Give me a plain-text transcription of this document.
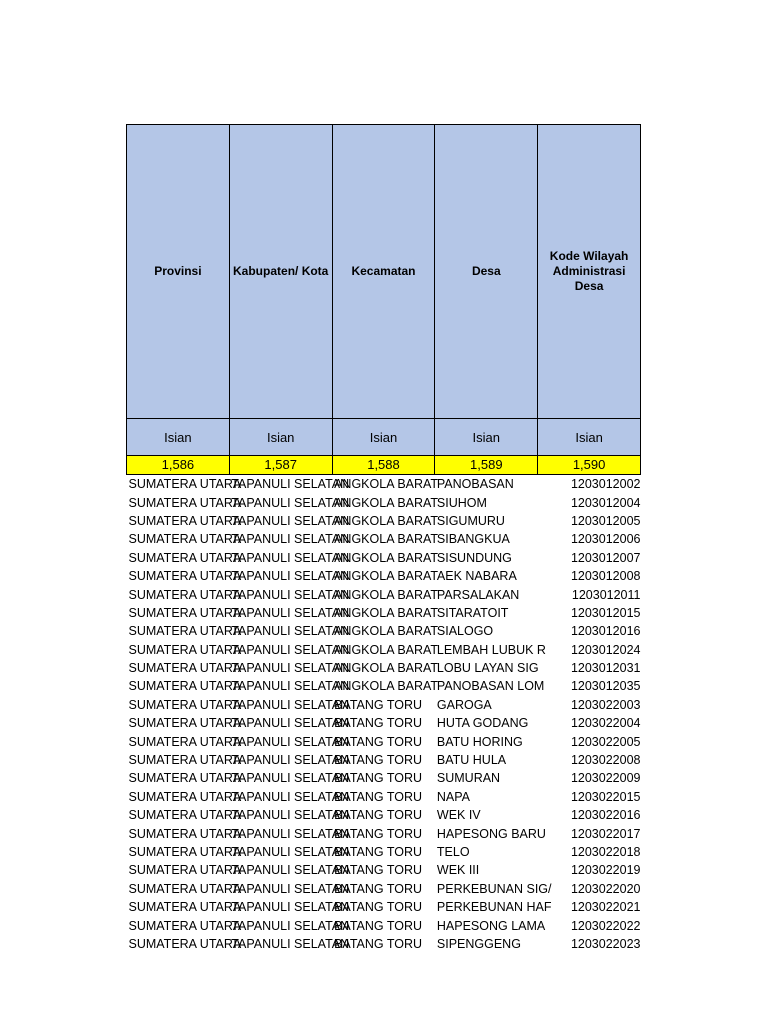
Provinsi	Kabupaten/ Kota	Kecamatan	Desa	Kode Wilayah Administrasi Desa
Isian	Isian	Isian	Isian	Isian
1,586	1,587	1,588	1,589	1,590
SUMATERA UTARA	TAPANULI SELATAN	ANGKOLA BARAT	PANOBASAN	1203012002
SUMATERA UTARA	TAPANULI SELATAN	ANGKOLA BARAT	SIUHOM	1203012004
SUMATERA UTARA	TAPANULI SELATAN	ANGKOLA BARAT	SIGUMURU	1203012005
SUMATERA UTARA	TAPANULI SELATAN	ANGKOLA BARAT	SIBANGKUA	1203012006
SUMATERA UTARA	TAPANULI SELATAN	ANGKOLA BARAT	SISUNDUNG	1203012007
SUMATERA UTARA	TAPANULI SELATAN	ANGKOLA BARAT	AEK NABARA	1203012008
SUMATERA UTARA	TAPANULI SELATAN	ANGKOLA BARAT	PARSALAKAN	1203012011
SUMATERA UTARA	TAPANULI SELATAN	ANGKOLA BARAT	SITARATOIT	1203012015
SUMATERA UTARA	TAPANULI SELATAN	ANGKOLA BARAT	SIALOGO	1203012016
SUMATERA UTARA	TAPANULI SELATAN	ANGKOLA BARAT	LEMBAH LUBUK R	1203012024
SUMATERA UTARA	TAPANULI SELATAN	ANGKOLA BARAT	LOBU LAYAN SIG	1203012031
SUMATERA UTARA	TAPANULI SELATAN	ANGKOLA BARAT	PANOBASAN LOM	1203012035
SUMATERA UTARA	TAPANULI SELATAN	BATANG TORU	GAROGA	1203022003
SUMATERA UTARA	TAPANULI SELATAN	BATANG TORU	HUTA GODANG	1203022004
SUMATERA UTARA	TAPANULI SELATAN	BATANG TORU	BATU HORING	1203022005
SUMATERA UTARA	TAPANULI SELATAN	BATANG TORU	BATU HULA	1203022008
SUMATERA UTARA	TAPANULI SELATAN	BATANG TORU	SUMURAN	1203022009
SUMATERA UTARA	TAPANULI SELATAN	BATANG TORU	NAPA	1203022015
SUMATERA UTARA	TAPANULI SELATAN	BATANG TORU	WEK IV	1203022016
SUMATERA UTARA	TAPANULI SELATAN	BATANG TORU	HAPESONG BARU	1203022017
SUMATERA UTARA	TAPANULI SELATAN	BATANG TORU	TELO	1203022018
SUMATERA UTARA	TAPANULI SELATAN	BATANG TORU	WEK III	1203022019
SUMATERA UTARA	TAPANULI SELATAN	BATANG TORU	PERKEBUNAN SIG/	1203022020
SUMATERA UTARA	TAPANULI SELATAN	BATANG TORU	PERKEBUNAN HAF	1203022021
SUMATERA UTARA	TAPANULI SELATAN	BATANG TORU	HAPESONG LAMA	1203022022
SUMATERA UTARA	TAPANULI SELATAN	BATANG TORU	SIPENGGENG	1203022023
